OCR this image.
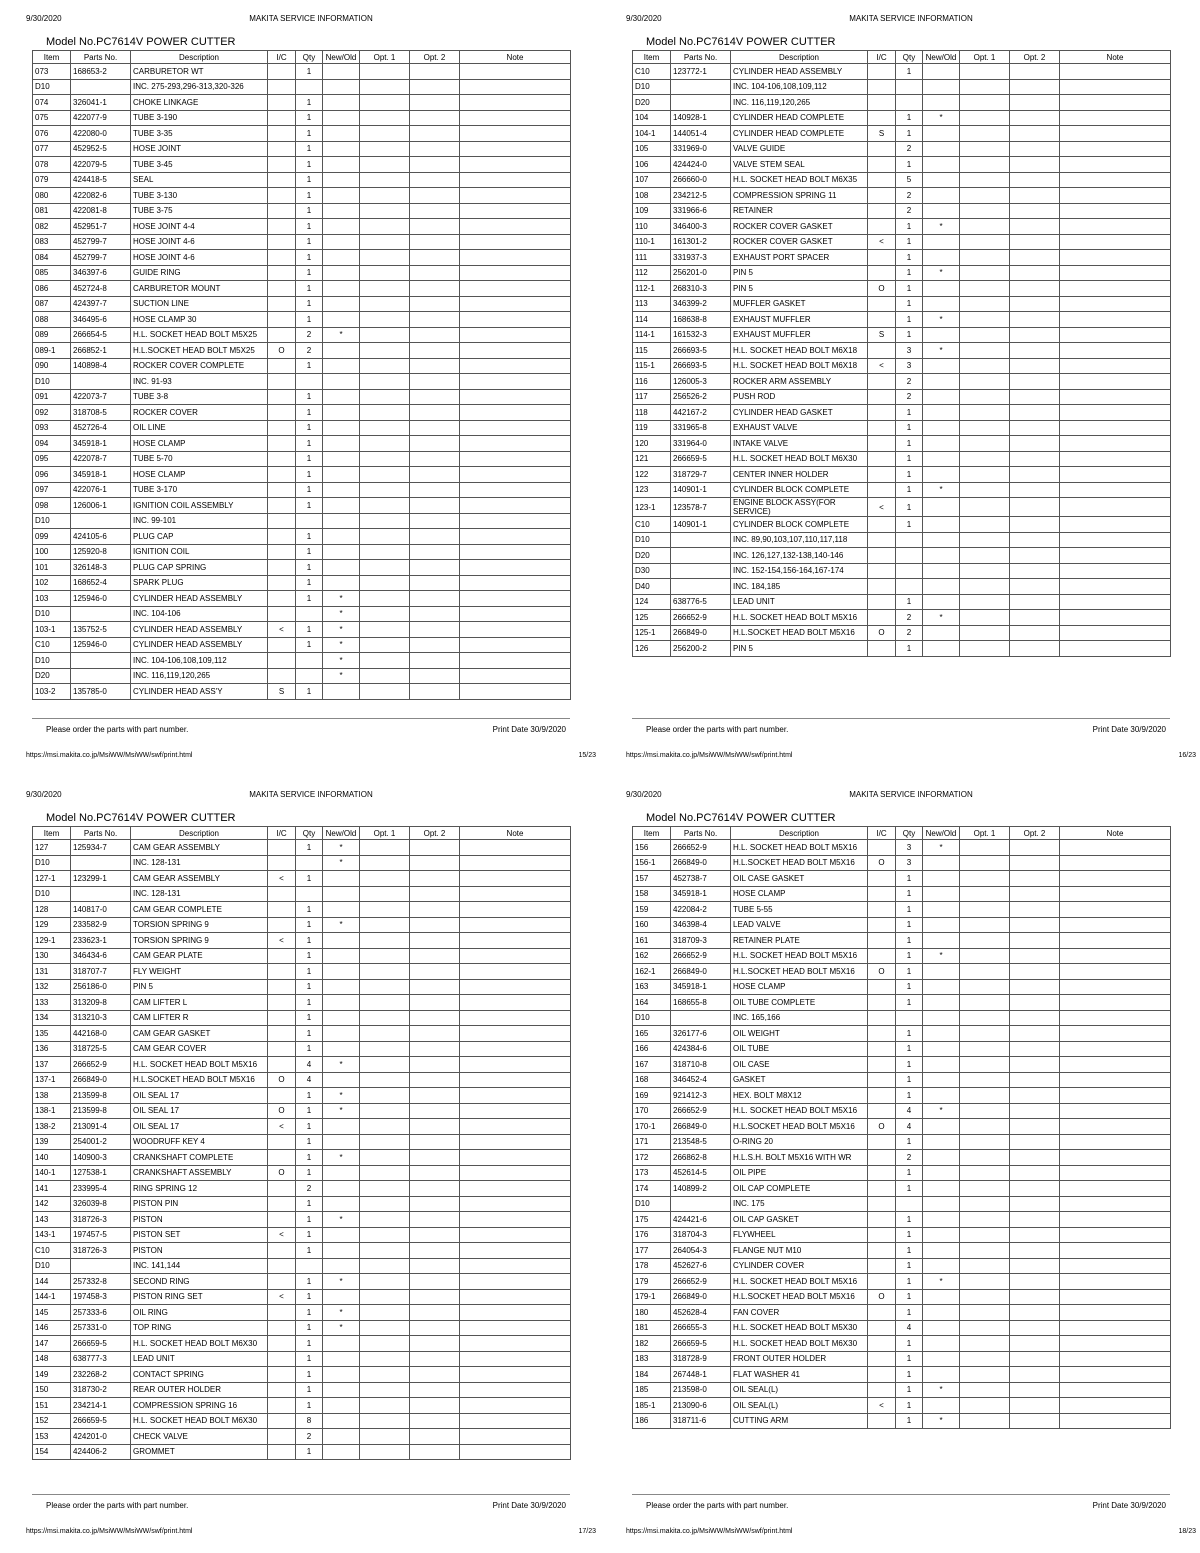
9/30/2020	MAKITA SERVICE INFORMATION
Model No.PC7614V POWER CUTTER
Item	Parts No.	Description	I/C	Qty	New/Old	Opt. 1	Opt. 2	Note
073	168653-2	CARBURETOR WT		1				
D10		INC. 275-293,296-313,320-326						
074	326041-1	CHOKE LINKAGE		1				
075	422077-9	TUBE 3-190		1				
076	422080-0	TUBE 3-35		1				
077	452952-5	HOSE JOINT		1				
078	422079-5	TUBE 3-45		1				
079	424418-5	SEAL		1				
080	422082-6	TUBE 3-130		1				
081	422081-8	TUBE 3-75		1				
082	452951-7	HOSE JOINT 4-4		1				
083	452799-7	HOSE JOINT 4-6		1				
084	452799-7	HOSE JOINT 4-6		1				
085	346397-6	GUIDE RING		1				
086	452724-8	CARBURETOR MOUNT		1				
087	424397-7	SUCTION LINE		1				
088	346495-6	HOSE CLAMP 30		1				
089	266654-5	H.L. SOCKET HEAD BOLT M5X25		2	*			
089-1	266852-1	H.L.SOCKET HEAD BOLT M5X25	O	2				
090	140898-4	ROCKER COVER COMPLETE		1				
D10		INC. 91-93						
091	422073-7	TUBE 3-8		1				
092	318708-5	ROCKER COVER		1				
093	452726-4	OIL LINE		1				
094	345918-1	HOSE CLAMP		1				
095	422078-7	TUBE 5-70		1				
096	345918-1	HOSE CLAMP		1				
097	422076-1	TUBE 3-170		1				
098	126006-1	IGNITION COIL ASSEMBLY		1				
D10		INC. 99-101						
099	424105-6	PLUG CAP		1				
100	125920-8	IGNITION COIL		1				
101	326148-3	PLUG CAP SPRING		1				
102	168652-4	SPARK PLUG		1				
103	125946-0	CYLINDER HEAD ASSEMBLY		1	*			
D10		INC. 104-106			*			
103-1	135752-5	CYLINDER HEAD ASSEMBLY	<	1	*			
C10	125946-0	CYLINDER HEAD ASSEMBLY		1	*			
D10		INC. 104-106,108,109,112			*			
D20		INC. 116,119,120,265			*			
103-2	135785-0	CYLINDER HEAD ASS'Y	S	1				
Please order the parts with part number.	Print Date 30/9/2020
https://msi.makita.co.jp/MsiWW/MsiWW/swf/print.html	15/23
9/30/2020	MAKITA SERVICE INFORMATION
Model No.PC7614V POWER CUTTER
Item	Parts No.	Description	I/C	Qty	New/Old	Opt. 1	Opt. 2	Note
C10	123772-1	CYLINDER HEAD ASSEMBLY		1				
D10		INC. 104-106,108,109,112						
D20		INC. 116,119,120,265						
104	140928-1	CYLINDER HEAD COMPLETE		1	*			
104-1	144051-4	CYLINDER HEAD COMPLETE	S	1				
105	331969-0	VALVE GUIDE		2				
106	424424-0	VALVE STEM SEAL		1				
107	266660-0	H.L. SOCKET HEAD BOLT M6X35		5				
108	234212-5	COMPRESSION SPRING 11		2				
109	331966-6	RETAINER		2				
110	346400-3	ROCKER COVER GASKET		1	*			
110-1	161301-2	ROCKER COVER GASKET	<	1				
111	331937-3	EXHAUST PORT SPACER		1				
112	256201-0	PIN 5		1	*			
112-1	268310-3	PIN 5	O	1				
113	346399-2	MUFFLER GASKET		1				
114	168638-8	EXHAUST MUFFLER		1	*			
114-1	161532-3	EXHAUST MUFFLER	S	1				
115	266693-5	H.L. SOCKET HEAD BOLT M6X18		3	*			
115-1	266693-5	H.L. SOCKET HEAD BOLT M6X18	<	3				
116	126005-3	ROCKER ARM ASSEMBLY		2				
117	256526-2	PUSH ROD		2				
118	442167-2	CYLINDER HEAD GASKET		1				
119	331965-8	EXHAUST VALVE		1				
120	331964-0	INTAKE VALVE		1				
121	266659-5	H.L. SOCKET HEAD BOLT M6X30		1				
122	318729-7	CENTER INNER HOLDER		1				
123	140901-1	CYLINDER BLOCK COMPLETE		1	*			
123-1	123578-7	ENGINE BLOCK ASSY(FOR SERVICE)	<	1				
C10	140901-1	CYLINDER BLOCK COMPLETE		1				
D10		INC. 89,90,103,107,110,117,118						
D20		INC. 126,127,132-138,140-146						
D30		INC. 152-154,156-164,167-174						
D40		INC. 184,185						
124	638776-5	LEAD UNIT		1				
125	266652-9	H.L. SOCKET HEAD BOLT M5X16		2	*			
125-1	266849-0	H.L.SOCKET HEAD BOLT M5X16	O	2				
126	256200-2	PIN 5		1				
Please order the parts with part number.	Print Date 30/9/2020
https://msi.makita.co.jp/MsiWW/MsiWW/swf/print.html	16/23
9/30/2020	MAKITA SERVICE INFORMATION
Model No.PC7614V POWER CUTTER
Item	Parts No.	Description	I/C	Qty	New/Old	Opt. 1	Opt. 2	Note
127	125934-7	CAM GEAR ASSEMBLY		1	*			
D10		INC. 128-131			*			
127-1	123299-1	CAM GEAR ASSEMBLY	<	1				
D10		INC. 128-131						
128	140817-0	CAM GEAR COMPLETE		1				
129	233582-9	TORSION SPRING 9		1	*			
129-1	233623-1	TORSION SPRING 9	<	1				
130	346434-6	CAM GEAR PLATE		1				
131	318707-7	FLY WEIGHT		1				
132	256186-0	PIN 5		1				
133	313209-8	CAM LIFTER L		1				
134	313210-3	CAM LIFTER R		1				
135	442168-0	CAM GEAR GASKET		1				
136	318725-5	CAM GEAR COVER		1				
137	266652-9	H.L. SOCKET HEAD BOLT M5X16		4	*			
137-1	266849-0	H.L.SOCKET HEAD BOLT M5X16	O	4				
138	213599-8	OIL SEAL 17		1	*			
138-1	213599-8	OIL SEAL 17	O	1	*			
138-2	213091-4	OIL SEAL 17	<	1				
139	254001-2	WOODRUFF KEY 4		1				
140	140900-3	CRANKSHAFT COMPLETE		1	*			
140-1	127538-1	CRANKSHAFT ASSEMBLY	O	1				
141	233995-4	RING SPRING 12		2				
142	326039-8	PISTON PIN		1				
143	318726-3	PISTON		1	*			
143-1	197457-5	PISTON SET	<	1				
C10	318726-3	PISTON		1				
D10		INC. 141,144						
144	257332-8	SECOND RING		1	*			
144-1	197458-3	PISTON RING SET	<	1				
145	257333-6	OIL RING		1	*			
146	257331-0	TOP RING		1	*			
147	266659-5	H.L. SOCKET HEAD BOLT M6X30		1				
148	638777-3	LEAD UNIT		1				
149	232268-2	CONTACT SPRING		1				
150	318730-2	REAR OUTER HOLDER		1				
151	234214-1	COMPRESSION SPRING 16		1				
152	266659-5	H.L. SOCKET HEAD BOLT M6X30		8				
153	424201-0	CHECK VALVE		2				
154	424406-2	GROMMET		1				
Please order the parts with part number.	Print Date 30/9/2020
https://msi.makita.co.jp/MsiWW/MsiWW/swf/print.html	17/23
9/30/2020	MAKITA SERVICE INFORMATION
Model No.PC7614V POWER CUTTER
Item	Parts No.	Description	I/C	Qty	New/Old	Opt. 1	Opt. 2	Note
156	266652-9	H.L. SOCKET HEAD BOLT M5X16		3	*			
156-1	266849-0	H.L.SOCKET HEAD BOLT M5X16	O	3				
157	452738-7	OIL CASE GASKET		1				
158	345918-1	HOSE CLAMP		1				
159	422084-2	TUBE 5-55		1				
160	346398-4	LEAD VALVE		1				
161	318709-3	RETAINER PLATE		1				
162	266652-9	H.L. SOCKET HEAD BOLT M5X16		1	*			
162-1	266849-0	H.L.SOCKET HEAD BOLT M5X16	O	1				
163	345918-1	HOSE CLAMP		1				
164	168655-8	OIL TUBE COMPLETE		1				
D10		INC. 165,166						
165	326177-6	OIL WEIGHT		1				
166	424384-6	OIL TUBE		1				
167	318710-8	OIL CASE		1				
168	346452-4	GASKET		1				
169	921412-3	HEX. BOLT M8X12		1				
170	266652-9	H.L. SOCKET HEAD BOLT M5X16		4	*			
170-1	266849-0	H.L.SOCKET HEAD BOLT M5X16	O	4				
171	213548-5	O-RING 20		1				
172	266862-8	H.L.S.H. BOLT M5X16 WITH WR		2				
173	452614-5	OIL PIPE		1				
174	140899-2	OIL CAP COMPLETE		1				
D10		INC. 175						
175	424421-6	OIL CAP GASKET		1				
176	318704-3	FLYWHEEL		1				
177	264054-3	FLANGE NUT M10		1				
178	452627-6	CYLINDER COVER		1				
179	266652-9	H.L. SOCKET HEAD BOLT M5X16		1	*			
179-1	266849-0	H.L.SOCKET HEAD BOLT M5X16	O	1				
180	452628-4	FAN COVER		1				
181	266655-3	H.L. SOCKET HEAD BOLT M5X30		4				
182	266659-5	H.L. SOCKET HEAD BOLT M6X30		1				
183	318728-9	FRONT OUTER HOLDER		1				
184	267448-1	FLAT WASHER 41		1				
185	213598-0	OIL SEAL(L)		1	*			
185-1	213090-6	OIL SEAL(L)	<	1				
186	318711-6	CUTTING ARM		1	*			
Please order the parts with part number.	Print Date 30/9/2020
https://msi.makita.co.jp/MsiWW/MsiWW/swf/print.html	18/23
